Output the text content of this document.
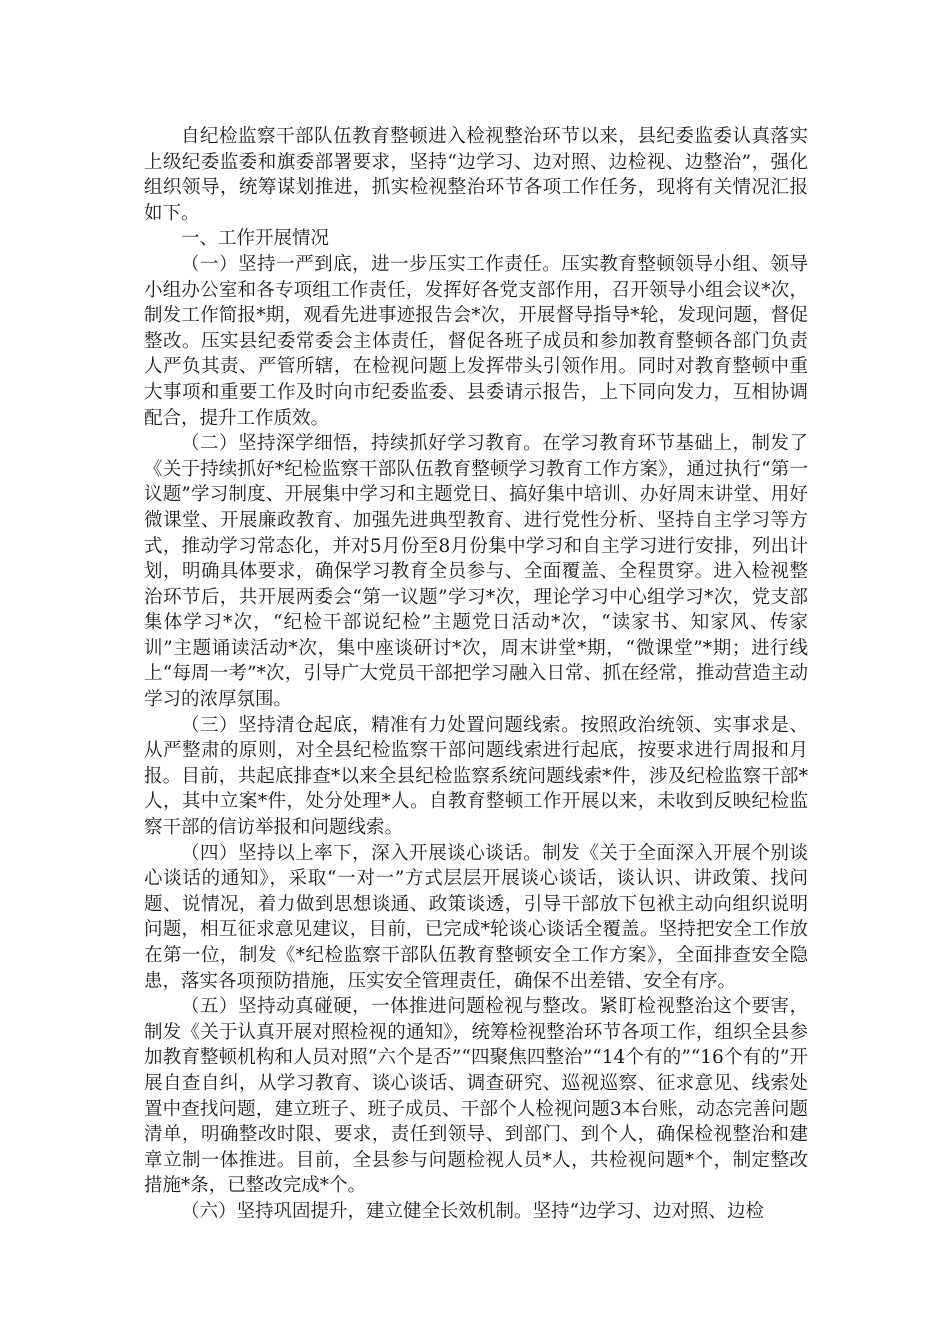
自纪检监察干部队伍教育整顿进入检视整治环节以来，县纪委监委认真落实上级纪委监委和旗委部署要求，坚持“边学习、边对照、边检视、边整治”，强化组织领导，统筹谋划推进，抓实检视整治环节各项工作任务，现将有关情况汇报如下。

一、工作开展情况

（一）坚持一严到底，进一步压实工作责任。压实教育整顿领导小组、领导小组办公室和各专项组工作责任，发挥好各党支部作用，召开领导小组会议*次，制发工作简报*期，观看先进事迹报告会*次，开展督导指导*轮，发现问题，督促整改。压实县纪委常委会主体责任，督促各班子成员和参加教育整顿各部门负责人严负其责、严管所辖，在检视问题上发挥带头引领作用。同时对教育整顿中重大事项和重要工作及时向市纪委监委、县委请示报告，上下同向发力，互相协调配合，提升工作质效。

（二）坚持深学细悟，持续抓好学习教育。在学习教育环节基础上，制发了《关于持续抓好*纪检监察干部队伍教育整顿学习教育工作方案》，通过执行“第一议题”学习制度、开展集中学习和主题党日、搞好集中培训、办好周末讲堂、用好微课堂、开展廉政教育、加强先进典型教育、进行党性分析、坚持自主学习等方式，推动学习常态化，并对5月份至8月份集中学习和自主学习进行安排，列出计划，明确具体要求，确保学习教育全员参与、全面覆盖、全程贯穿。进入检视整治环节后，共开展两委会“第一议题”学习*次，理论学习中心组学习*次，党支部集体学习*次，“纪检干部说纪检”主题党日活动*次，“读家书、知家风、传家训”主题诵读活动*次，集中座谈研讨*次，周末讲堂*期，“微课堂”*期；进行线上“每周一考”*次，引导广大党员干部把学习融入日常、抓在经常，推动营造主动学习的浓厚氛围。

（三）坚持清仓起底，精准有力处置问题线索。按照政治统领、实事求是、从严整肃的原则，对全县纪检监察干部问题线索进行起底，按要求进行周报和月报。目前，共起底排查*以来全县纪检监察系统问题线索*件，涉及纪检监察干部*人，其中立案*件，处分处理*人。自教育整顿工作开展以来，未收到反映纪检监察干部的信访举报和问题线索。

（四）坚持以上率下，深入开展谈心谈话。制发《关于全面深入开展个别谈心谈话的通知》，采取“一对一”方式层层开展谈心谈话，谈认识、讲政策、找问题、说情况，着力做到思想谈通、政策谈透，引导干部放下包袱主动向组织说明问题，相互征求意见建议，目前，已完成*轮谈心谈话全覆盖。坚持把安全工作放在第一位，制发《*纪检监察干部队伍教育整顿安全工作方案》，全面排查安全隐患，落实各项预防措施，压实安全管理责任，确保不出差错、安全有序。

（五）坚持动真碰硬，一体推进问题检视与整改。紧盯检视整治这个要害，制发《关于认真开展对照检视的通知》，统筹检视整治环节各项工作，组织全县参加教育整顿机构和人员对照“六个是否”“四聚焦四整治”“14个有的”“16个有的”开展自查自纠，从学习教育、谈心谈话、调查研究、巡视巡察、征求意见、线索处置中查找问题，建立班子、班子成员、干部个人检视问题3本台账，动态完善问题清单，明确整改时限、要求，责任到领导、到部门、到个人，确保检视整治和建章立制一体推进。目前，全县参与问题检视人员*人，共检视问题*个，制定整改措施*条，已整改完成*个。

（六）坚持巩固提升，建立健全长效机制。坚持“边学习、边对照、边检
